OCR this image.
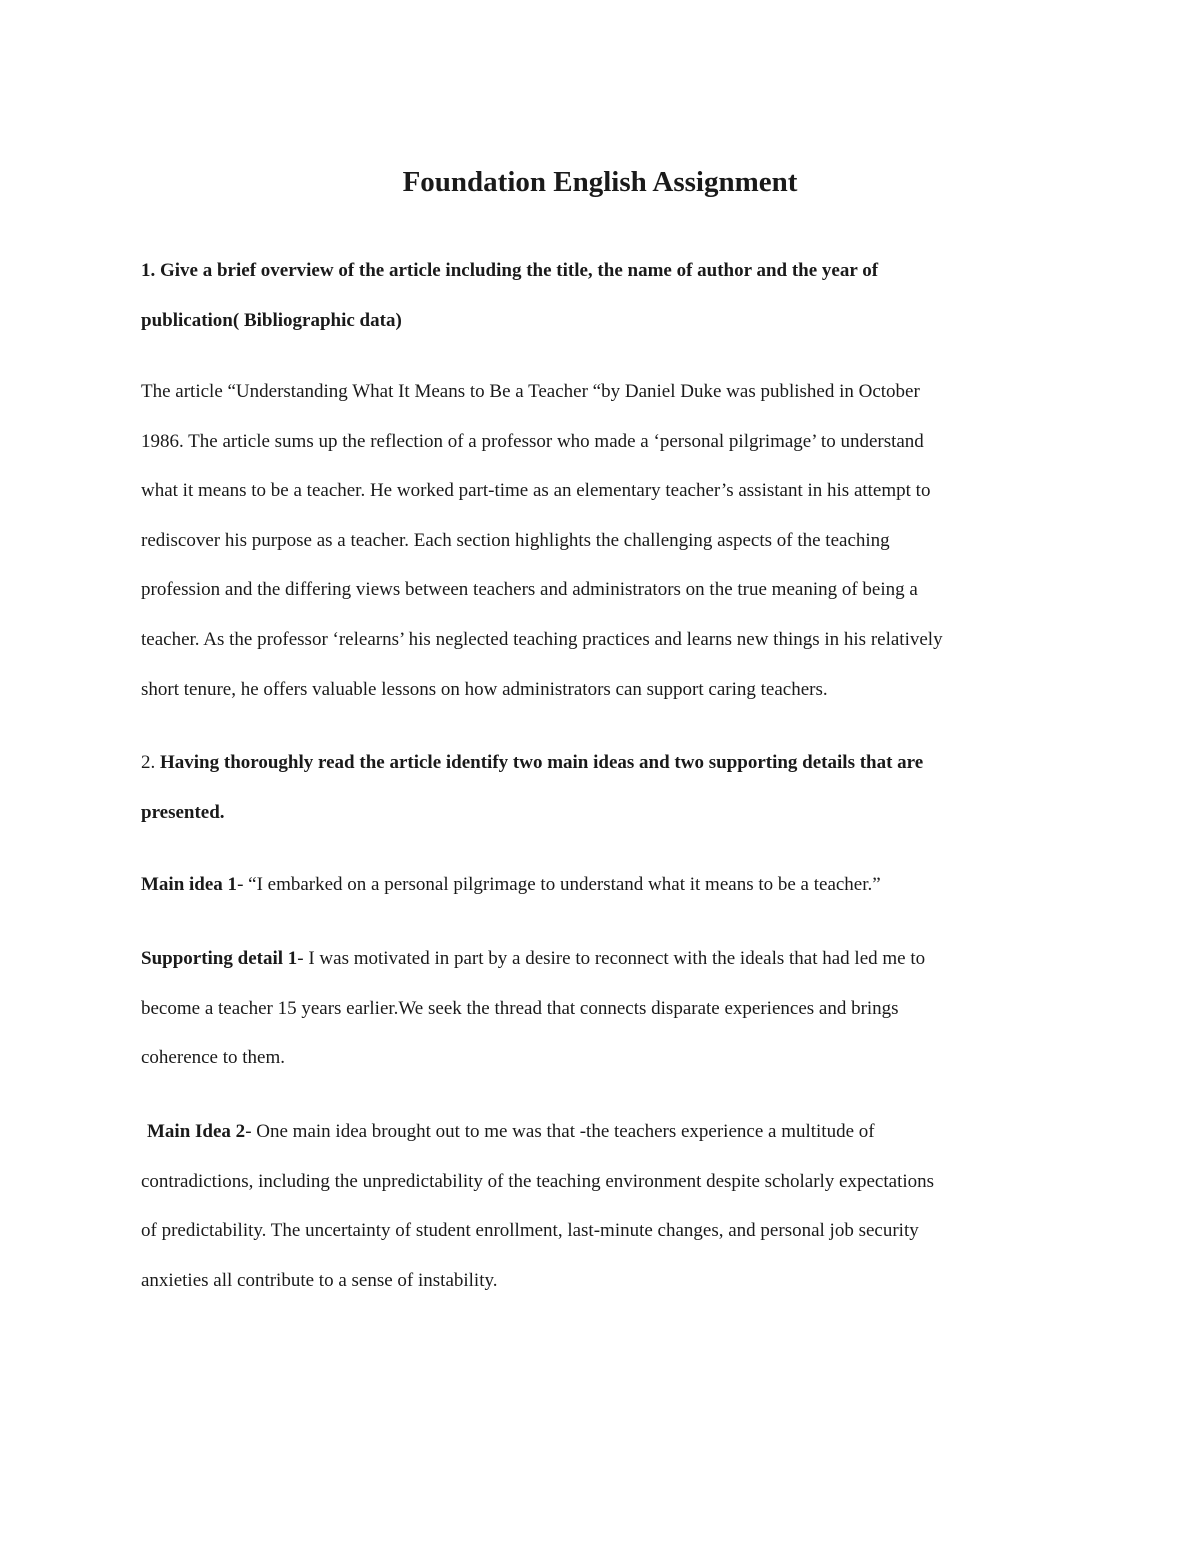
Foundation English Assignment
1. Give a brief overview of the article including the title, the name of author and the year of
publication( Bibliographic data)
The article “Understanding What It Means to Be a Teacher “by Daniel Duke was published in October
1986. The article sums up the reflection of a professor who made a ‘personal pilgrimage’ to understand
what it means to be a teacher. He worked part-time as an elementary teacher’s assistant in his attempt to
rediscover his purpose as a teacher. Each section highlights the challenging aspects of the teaching
profession and the differing views between teachers and administrators on the true meaning of being a
teacher. As the professor ‘relearns’ his neglected teaching practices and learns new things in his relatively
short tenure, he offers valuable lessons on how administrators can support caring teachers.
2. Having thoroughly read the article identify two main ideas and two supporting details that are
presented.
Main idea 1- “I embarked on a personal pilgrimage to understand what it means to be a teacher.”
Supporting detail 1- I was motivated in part by a desire to reconnect with the ideals that had led me to
become a teacher 15 years earlier.We seek the thread that connects disparate experiences and brings
coherence to them.
Main Idea 2- One main idea brought out to me was that -the teachers experience a multitude of
contradictions, including the unpredictability of the teaching environment despite scholarly expectations
of predictability. The uncertainty of student enrollment, last-minute changes, and personal job security
anxieties all contribute to a sense of instability.
